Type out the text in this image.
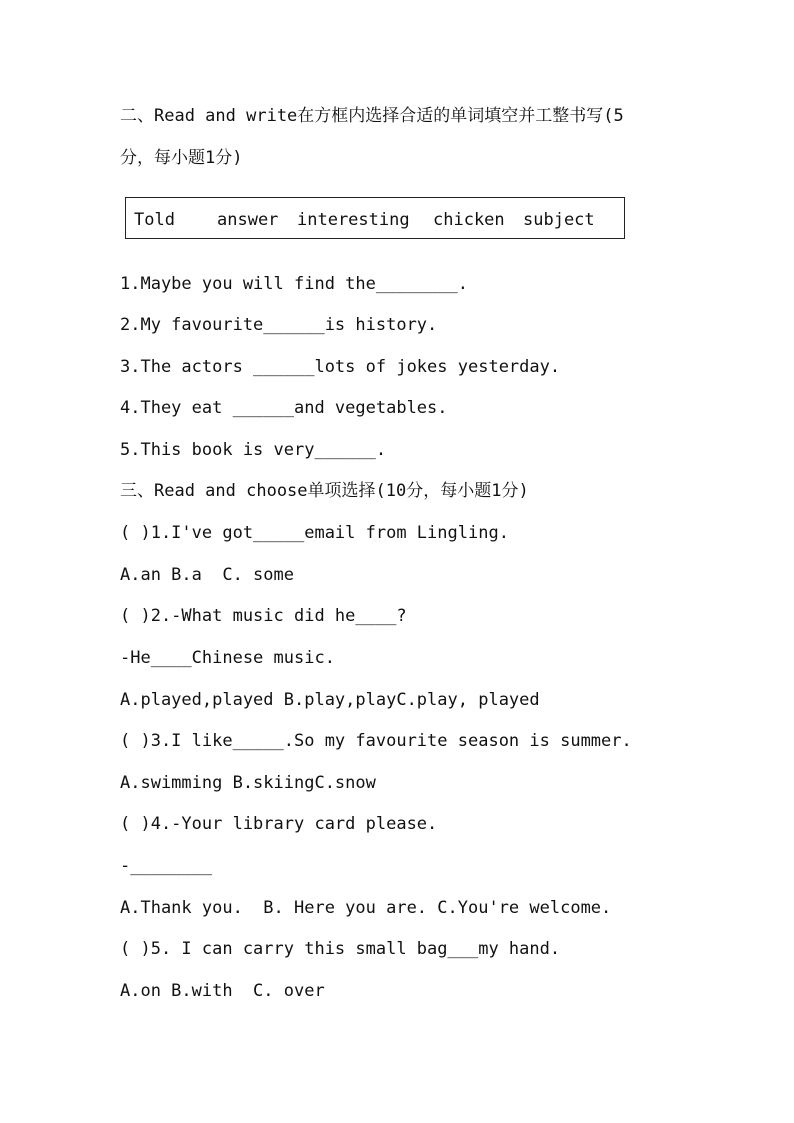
二、Read and write在方框内选择合适的单词填空并工整书写(5
分，每小题1分)
Told answer interesting chicken subject
1.Maybe you will find the________.
2.My favourite______is history.
3.The actors ______lots of jokes yesterday.
4.They eat ______and vegetables.
5.This book is very______.
三、Read and choose单项选择(10分，每小题1分)
( )1.I've got_____email from Lingling.
A.an B.a  C. some
( )2.-What music did he____?
-He____Chinese music.
A.played,played B.play,playC.play, played
( )3.I like_____.So my favourite season is summer.
A.swimming B.skiingC.snow
( )4.-Your library card please.
-________
A.Thank you.  B. Here you are. C.You're welcome.
( )5. I can carry this small bag___my hand.
A.on B.with  C. over
